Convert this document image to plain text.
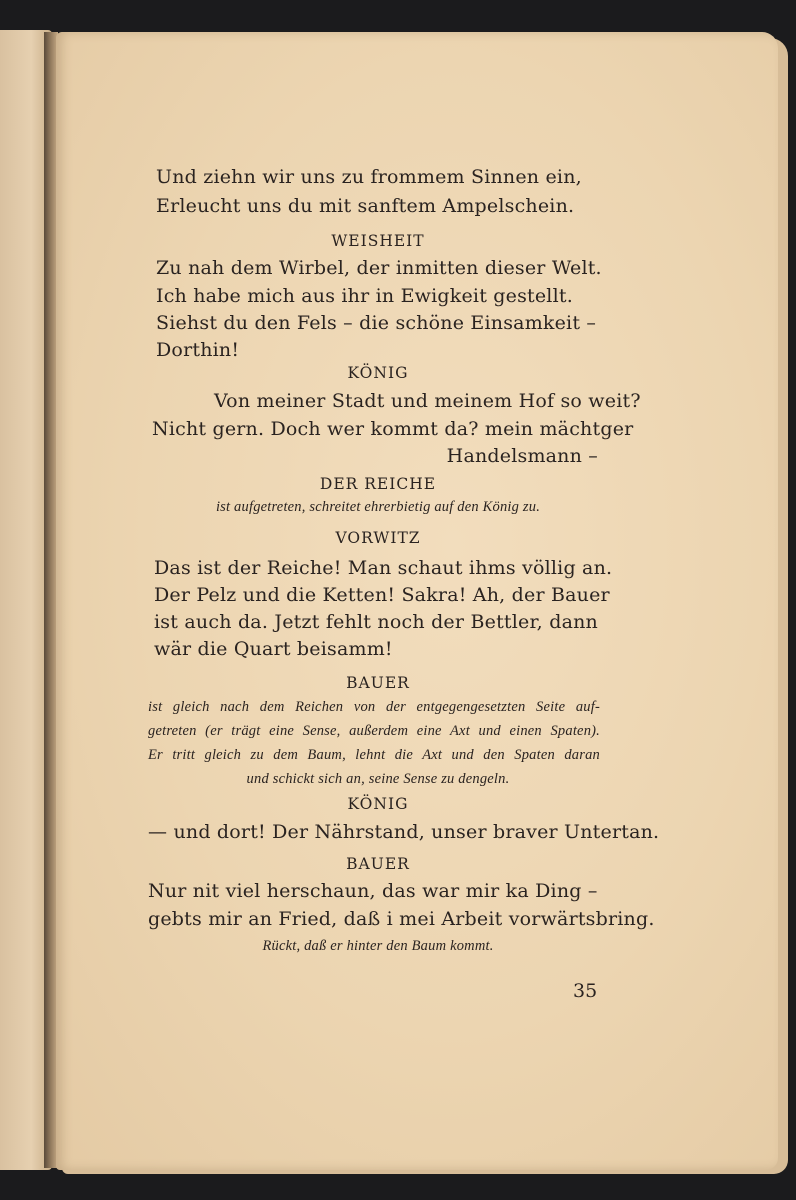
Und ziehn wir uns zu frommem Sinnen ein,

Erleucht uns du mit sanftem Ampelschein.

WEISHEIT

Zu nah dem Wirbel, der inmitten dieser Welt.

Ich habe mich aus ihr in Ewigkeit gestellt.

Siehst du den Fels – die schöne Einsamkeit –

Dorthin!

KÖNIG

Von meiner Stadt und meinem Hof so weit?

Nicht gern. Doch wer kommt da? mein mächtger

Handelsmann –

DER REICHE

ist aufgetreten, schreitet ehrerbietig auf den König zu.

VORWITZ

Das ist der Reiche! Man schaut ihms völlig an.

Der Pelz und die Ketten! Sakra! Ah, der Bauer

ist auch da. Jetzt fehlt noch der Bettler, dann

wär die Quart beisamm!

BAUER

ist gleich nach dem Reichen von der entgegengesetzten Seite auf-

getreten (er trägt eine Sense, außerdem eine Axt und einen Spaten).

Er tritt gleich zu dem Baum, lehnt die Axt und den Spaten daran

und schickt sich an, seine Sense zu dengeln.

KÖNIG

— und dort! Der Nährstand, unser braver Untertan.

BAUER

Nur nit viel herschaun, das war mir ka Ding –

gebts mir an Fried, daß i mei Arbeit vorwärtsbring.

Rückt, daß er hinter den Baum kommt.

35
